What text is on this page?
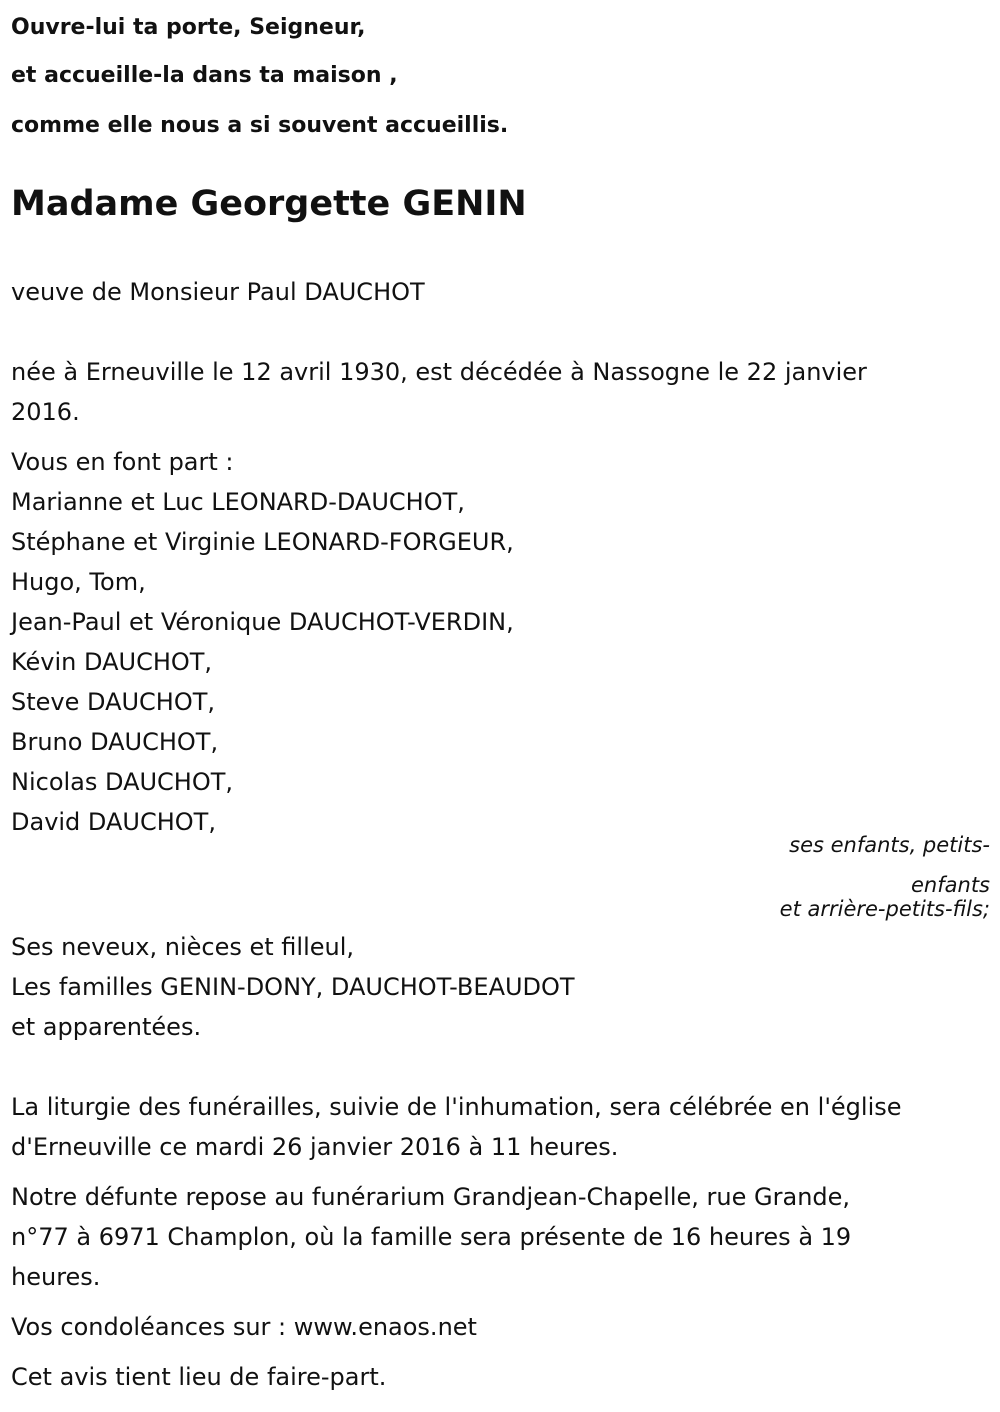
Ouvre-lui ta porte, Seigneur,
et accueille-la dans ta maison ,
comme elle nous a si souvent accueillis.
Madame Georgette GENIN
veuve de Monsieur Paul DAUCHOT
née à Erneuville le 12 avril 1930, est décédée à Nassogne le 22 janvier
2016.
Vous en font part :
Marianne et Luc LEONARD-DAUCHOT,
Stéphane et Virginie LEONARD-FORGEUR,
Hugo, Tom,
Jean-Paul et Véronique DAUCHOT-VERDIN,
Kévin DAUCHOT,
Steve DAUCHOT,
Bruno DAUCHOT,
Nicolas DAUCHOT,
David DAUCHOT,
ses enfants, petits-
enfants
et arrière-petits-fils;
Ses neveux, nièces et filleul,
Les familles GENIN-DONY, DAUCHOT-BEAUDOT
et apparentées.
La liturgie des funérailles, suivie de l'inhumation, sera célébrée en l'église
d'Erneuville ce mardi 26 janvier 2016 à 11 heures.
Notre défunte repose au funérarium Grandjean-Chapelle, rue Grande,
n°77 à 6971 Champlon, où la famille sera présente de 16 heures à 19
heures.
Vos condoléances sur : www.enaos.net
Cet avis tient lieu de faire-part.
